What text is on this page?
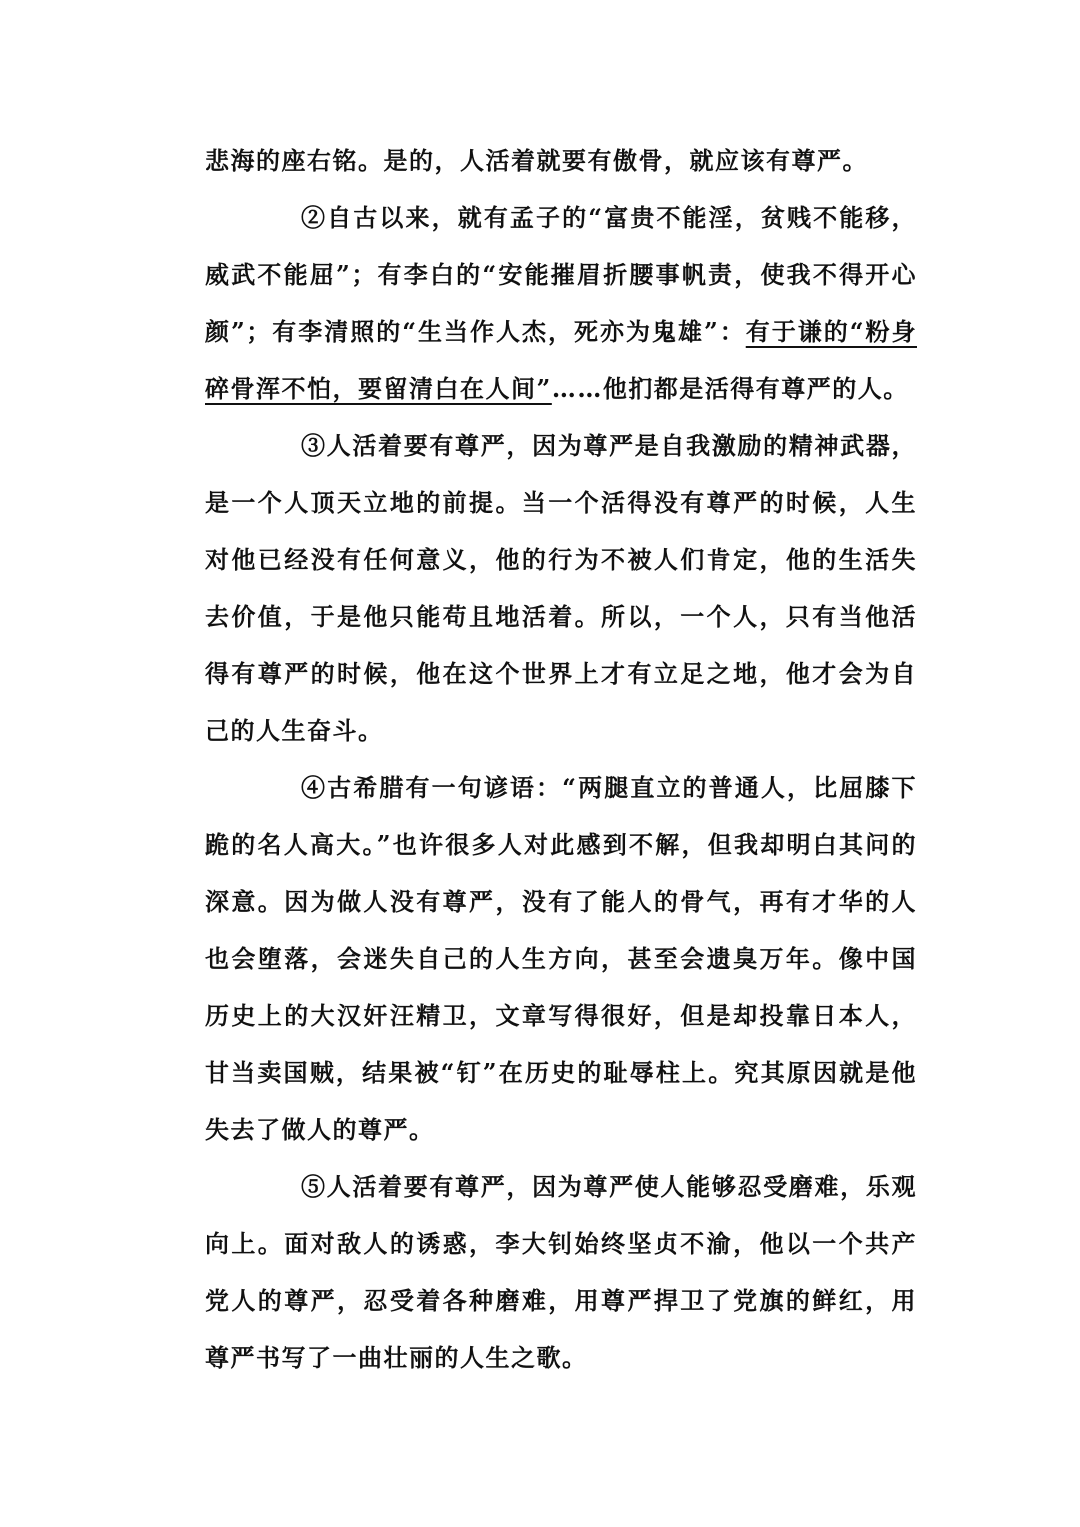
悲海的座右铭。是的，人活着就要有傲骨，就应该有尊严。

②自古以来，就有孟子的“富贵不能淫，贫贱不能移，威武不能屈”；有李白的“安能摧眉折腰事帆责，使我不得开心颜”；有李清照的“生当作人杰，死亦为鬼雄”：有于谦的“粉身碎骨浑不怕，要留清白在人间”……他扪都是活得有尊严的人。

③人活着要有尊严，因为尊严是自我激励的精神武器，是一个人顶天立地的前提。当一个活得没有尊严的时候，人生对他已经没有任何意义，他的行为不被人们肯定，他的生活失去价值，于是他只能苟且地活着。所以，一个人，只有当他活得有尊严的时候，他在这个世界上才有立足之地，他才会为自己的人生奋斗。

④古希腊有一句谚语：“两腿直立的普通人，比屈膝下跪的名人高大。”也许很多人对此感到不解，但我却明白其问的深意。因为做人没有尊严，没有了能人的骨气，再有才华的人也会堕落，会迷失自己的人生方向，甚至会遗臭万年。像中国历史上的大汉奸汪精卫，文章写得很好，但是却投靠日本人，甘当卖国贼，结果被“钉”在历史的耻辱柱上。究其原因就是他失去了做人的尊严。

⑤人活着要有尊严，因为尊严使人能够忍受磨难，乐观向上。面对敌人的诱惑，李大钊始终坚贞不渝，他以一个共产党人的尊严，忍受着各种磨难，用尊严捍卫了党旗的鲜红，用尊严书写了一曲壮丽的人生之歌。
